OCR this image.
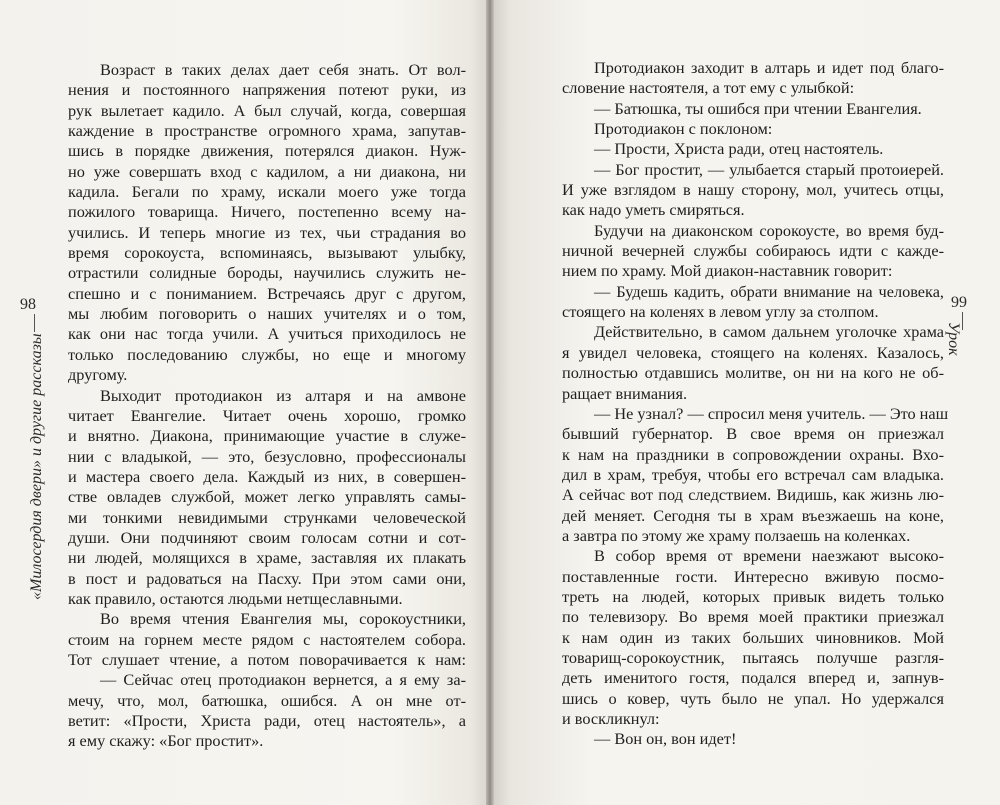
98
«Милосердия двери» и другие рассказы
99
Урок
Возраст в таких делах дает себя знать. От вол-
нения и постоянного напряжения потеют руки, из
рук вылетает кадило. А был случай, когда, совершая
каждение в пространстве огромного храма, запутав-
шись в порядке движения, потерялся диакон. Нуж-
но уже совершать вход с кадилом, а ни диакона, ни
кадила. Бегали по храму, искали моего уже тогда
пожилого товарища. Ничего, постепенно всему на-
учились. И теперь многие из тех, чьи страдания во
время сорокоуста, вспоминаясь, вызывают улыбку,
отрастили солидные бороды, научились служить не-
спешно и с пониманием. Встречаясь друг с другом,
мы любим поговорить о наших учителях и о том,
как они нас тогда учили. А учиться приходилось не
только последованию службы, но еще и многому
другому.
Выходит протодиакон из алтаря и на амвоне
читает Евангелие. Читает очень хорошо, громко
и внятно. Диакона, принимающие участие в служе-
нии с владыкой, — это, безусловно, профессионалы
и мастера своего дела. Каждый из них, в совершен-
стве овладев службой, может легко управлять самы-
ми тонкими невидимыми струнками человеческой
души. Они подчиняют своим голосам сотни и сот-
ни людей, молящихся в храме, заставляя их плакать
в пост и радоваться на Пасху. При этом сами они,
как правило, остаются людьми нетщеславными.
Во время чтения Евангелия мы, сорокоустники,
стоим на горнем месте рядом с настоятелем собора.
Тот слушает чтение, а потом поворачивается к нам:
— Сейчас отец протодиакон вернется, а я ему за-
мечу, что, мол, батюшка, ошибся. А он мне от-
ветит: «Прости, Христа ради, отец настоятель», а
я ему скажу: «Бог простит».
Протодиакон заходит в алтарь и идет под благо-
словение настоятеля, а тот ему с улыбкой:
— Батюшка, ты ошибся при чтении Евангелия.
Протодиакон с поклоном:
— Прости, Христа ради, отец настоятель.
— Бог простит, — улыбается старый протоиерей.
И уже взглядом в нашу сторону, мол, учитесь отцы,
как надо уметь смиряться.
Будучи на диаконском сорокоусте, во время буд-
ничной вечерней службы собираюсь идти с кажде-
нием по храму. Мой диакон-наставник говорит:
— Будешь кадить, обрати внимание на человека,
стоящего на коленях в левом углу за столпом.
Действительно, в самом дальнем уголочке храма
я увидел человека, стоящего на коленях. Казалось,
полностью отдавшись молитве, он ни на кого не об-
ращает внимания.
— Не узнал? — спросил меня учитель. — Это наш
бывший губернатор. В свое время он приезжал
к нам на праздники в сопровождении охраны. Вхо-
дил в храм, требуя, чтобы его встречал сам владыка.
А сейчас вот под следствием. Видишь, как жизнь лю-
дей меняет. Сегодня ты в храм въезжаешь на коне,
а завтра по этому же храму ползаешь на коленках.
В собор время от времени наезжают высоко-
поставленные гости. Интересно вживую посмо-
треть на людей, которых привык видеть только
по телевизору. Во время моей практики приезжал
к нам один из таких больших чиновников. Мой
товарищ-сорокоустник, пытаясь получше разгля-
деть именитого гостя, подался вперед и, запнув-
шись о ковер, чуть было не упал. Но удержался
и воскликнул:
— Вон он, вон идет!
